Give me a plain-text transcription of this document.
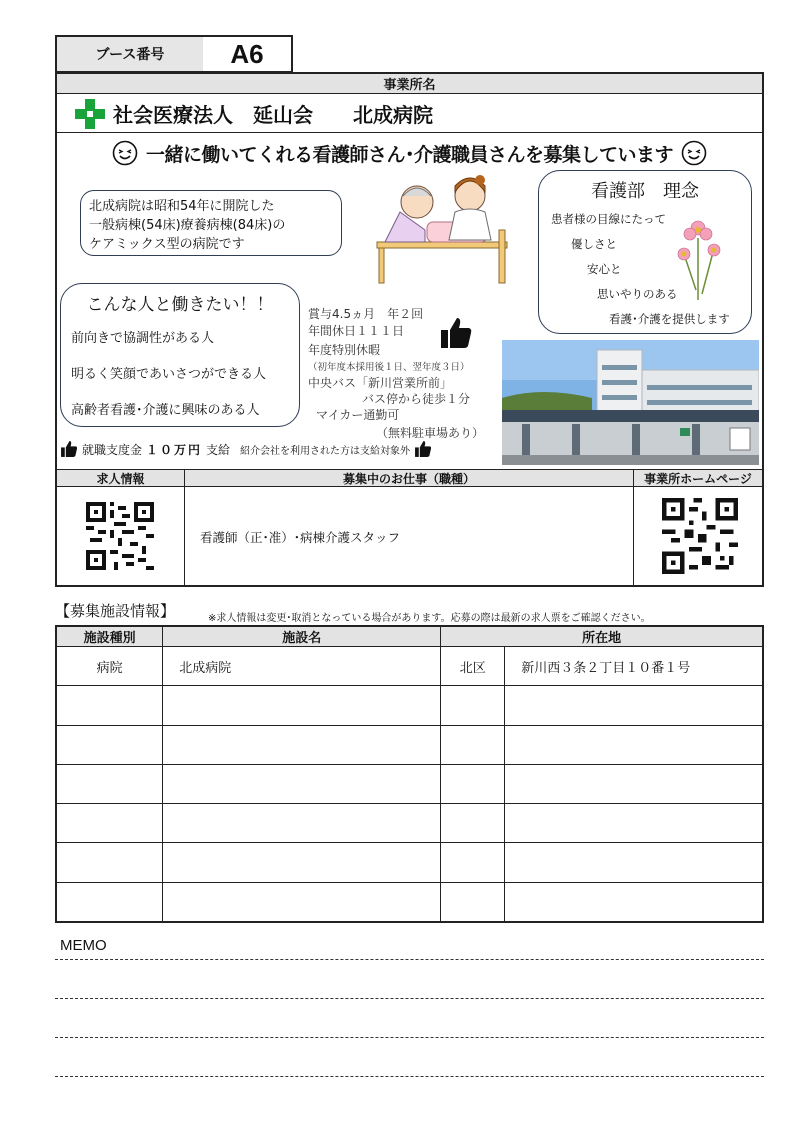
ブース番号	A6
事業所名
社会医療法人　延山会　　北成病院
一緒に働いてくれる看護師さん･介護職員さんを募集しています
北成病院は昭和54年に開院した
一般病棟(54床)療養病棟(84床)の
ケアミックス型の病院です
看護部　理念
患者様の目線にたって
優しさと
安心と
思いやりのある
看護･介護を提供します
こんな人と働きたい！！
前向きで協調性がある人
明るく笑顔であいさつができる人
高齢者看護･介護に興味のある人
賞与4.5ヵ月　年２回
年間休日１１１日
年度特別休暇
（初年度本採用後１日、翌年度３日）
中央バス「新川営業所前」
バス停から徒歩１分
マイカー通勤可
（無料駐車場あり）
就職支度金 １０万円 支給 紹介会社を利用された方は支給対象外
求人情報	募集中のお仕事（職種）	事業所ホームページ
看護師（正･准）･病棟介護スタッフ
【募集施設情報】	※求人情報は変更･取消となっている場合があります。応募の際は最新の求人票をご確認ください。
施設種別	施設名	所在地	
病院	北成病院	北区	新川西３条２丁目１０番１号

MEMO
